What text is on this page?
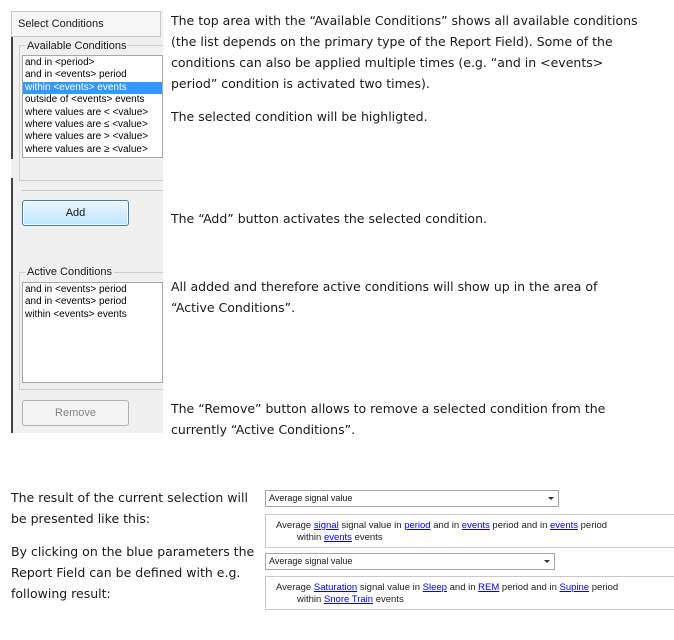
Select Conditions
Available Conditions
and in <period>
and in <events> period
within <events> events
outside of <events> events
where values are < <value>
where values are ≤ <value>
where values are > <value>
where values are ≥ <value>
Add
Active Conditions
and in <events> period
and in <events> period
within <events> events
Remove
The top area with the “Available Conditions” shows all available conditions
(the list depends on the primary type of the Report Field). Some of the
conditions can also be applied multiple times (e.g. “and in <events>
period” condition is activated two times).
The selected condition will be highligted.
The “Add” button activates the selected condition.
All added and therefore active conditions will show up in the area of
“Active Conditions”.
The “Remove” button allows to remove a selected condition from the
currently “Active Conditions”.
The result of the current selection will
be presented like this:
By clicking on the blue parameters the
Report Field can be defined with e.g.
following result:
Average signal value
Average signal signal value in period and in events period and in events period
within events events
Average signal value
Average Saturation signal value in Sleep and in REM period and in Supine period
within Snore Train events
